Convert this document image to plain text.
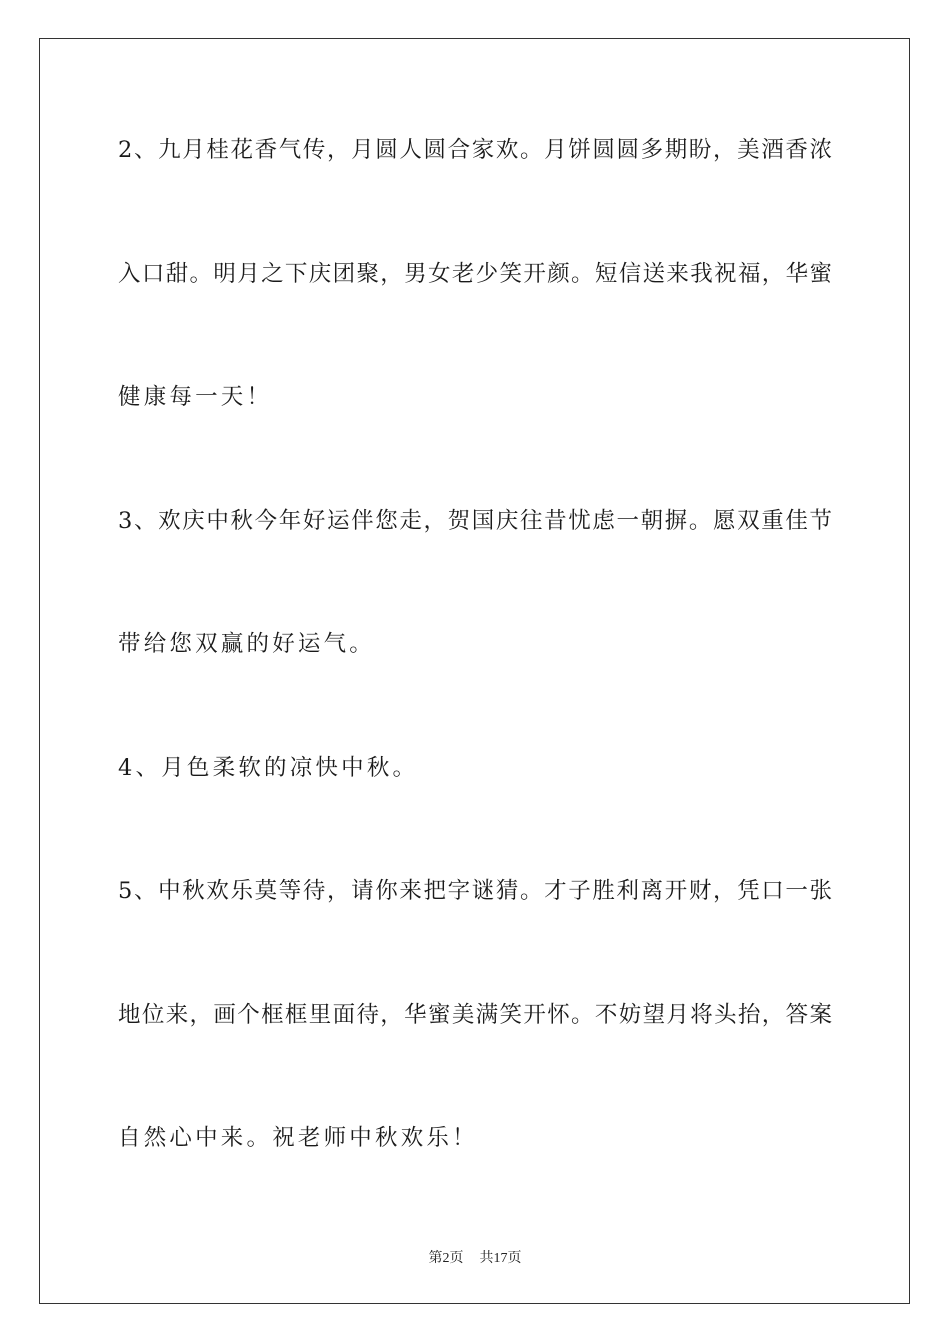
2、九月桂花香气传，月圆人圆合家欢。月饼圆圆多期盼，美酒香浓
入口甜。明月之下庆团聚，男女老少笑开颜。短信送来我祝福，华蜜
健康每一天！
3、欢庆中秋今年好运伴您走，贺国庆往昔忧虑一朝摒。愿双重佳节
带给您双赢的好运气。
4、月色柔软的凉快中秋。
5、中秋欢乐莫等待，请你来把字谜猜。才子胜利离开财，凭口一张
地位来，画个框框里面待，华蜜美满笑开怀。不妨望月将头抬，答案
自然心中来。祝老师中秋欢乐！
第2页 共17页
